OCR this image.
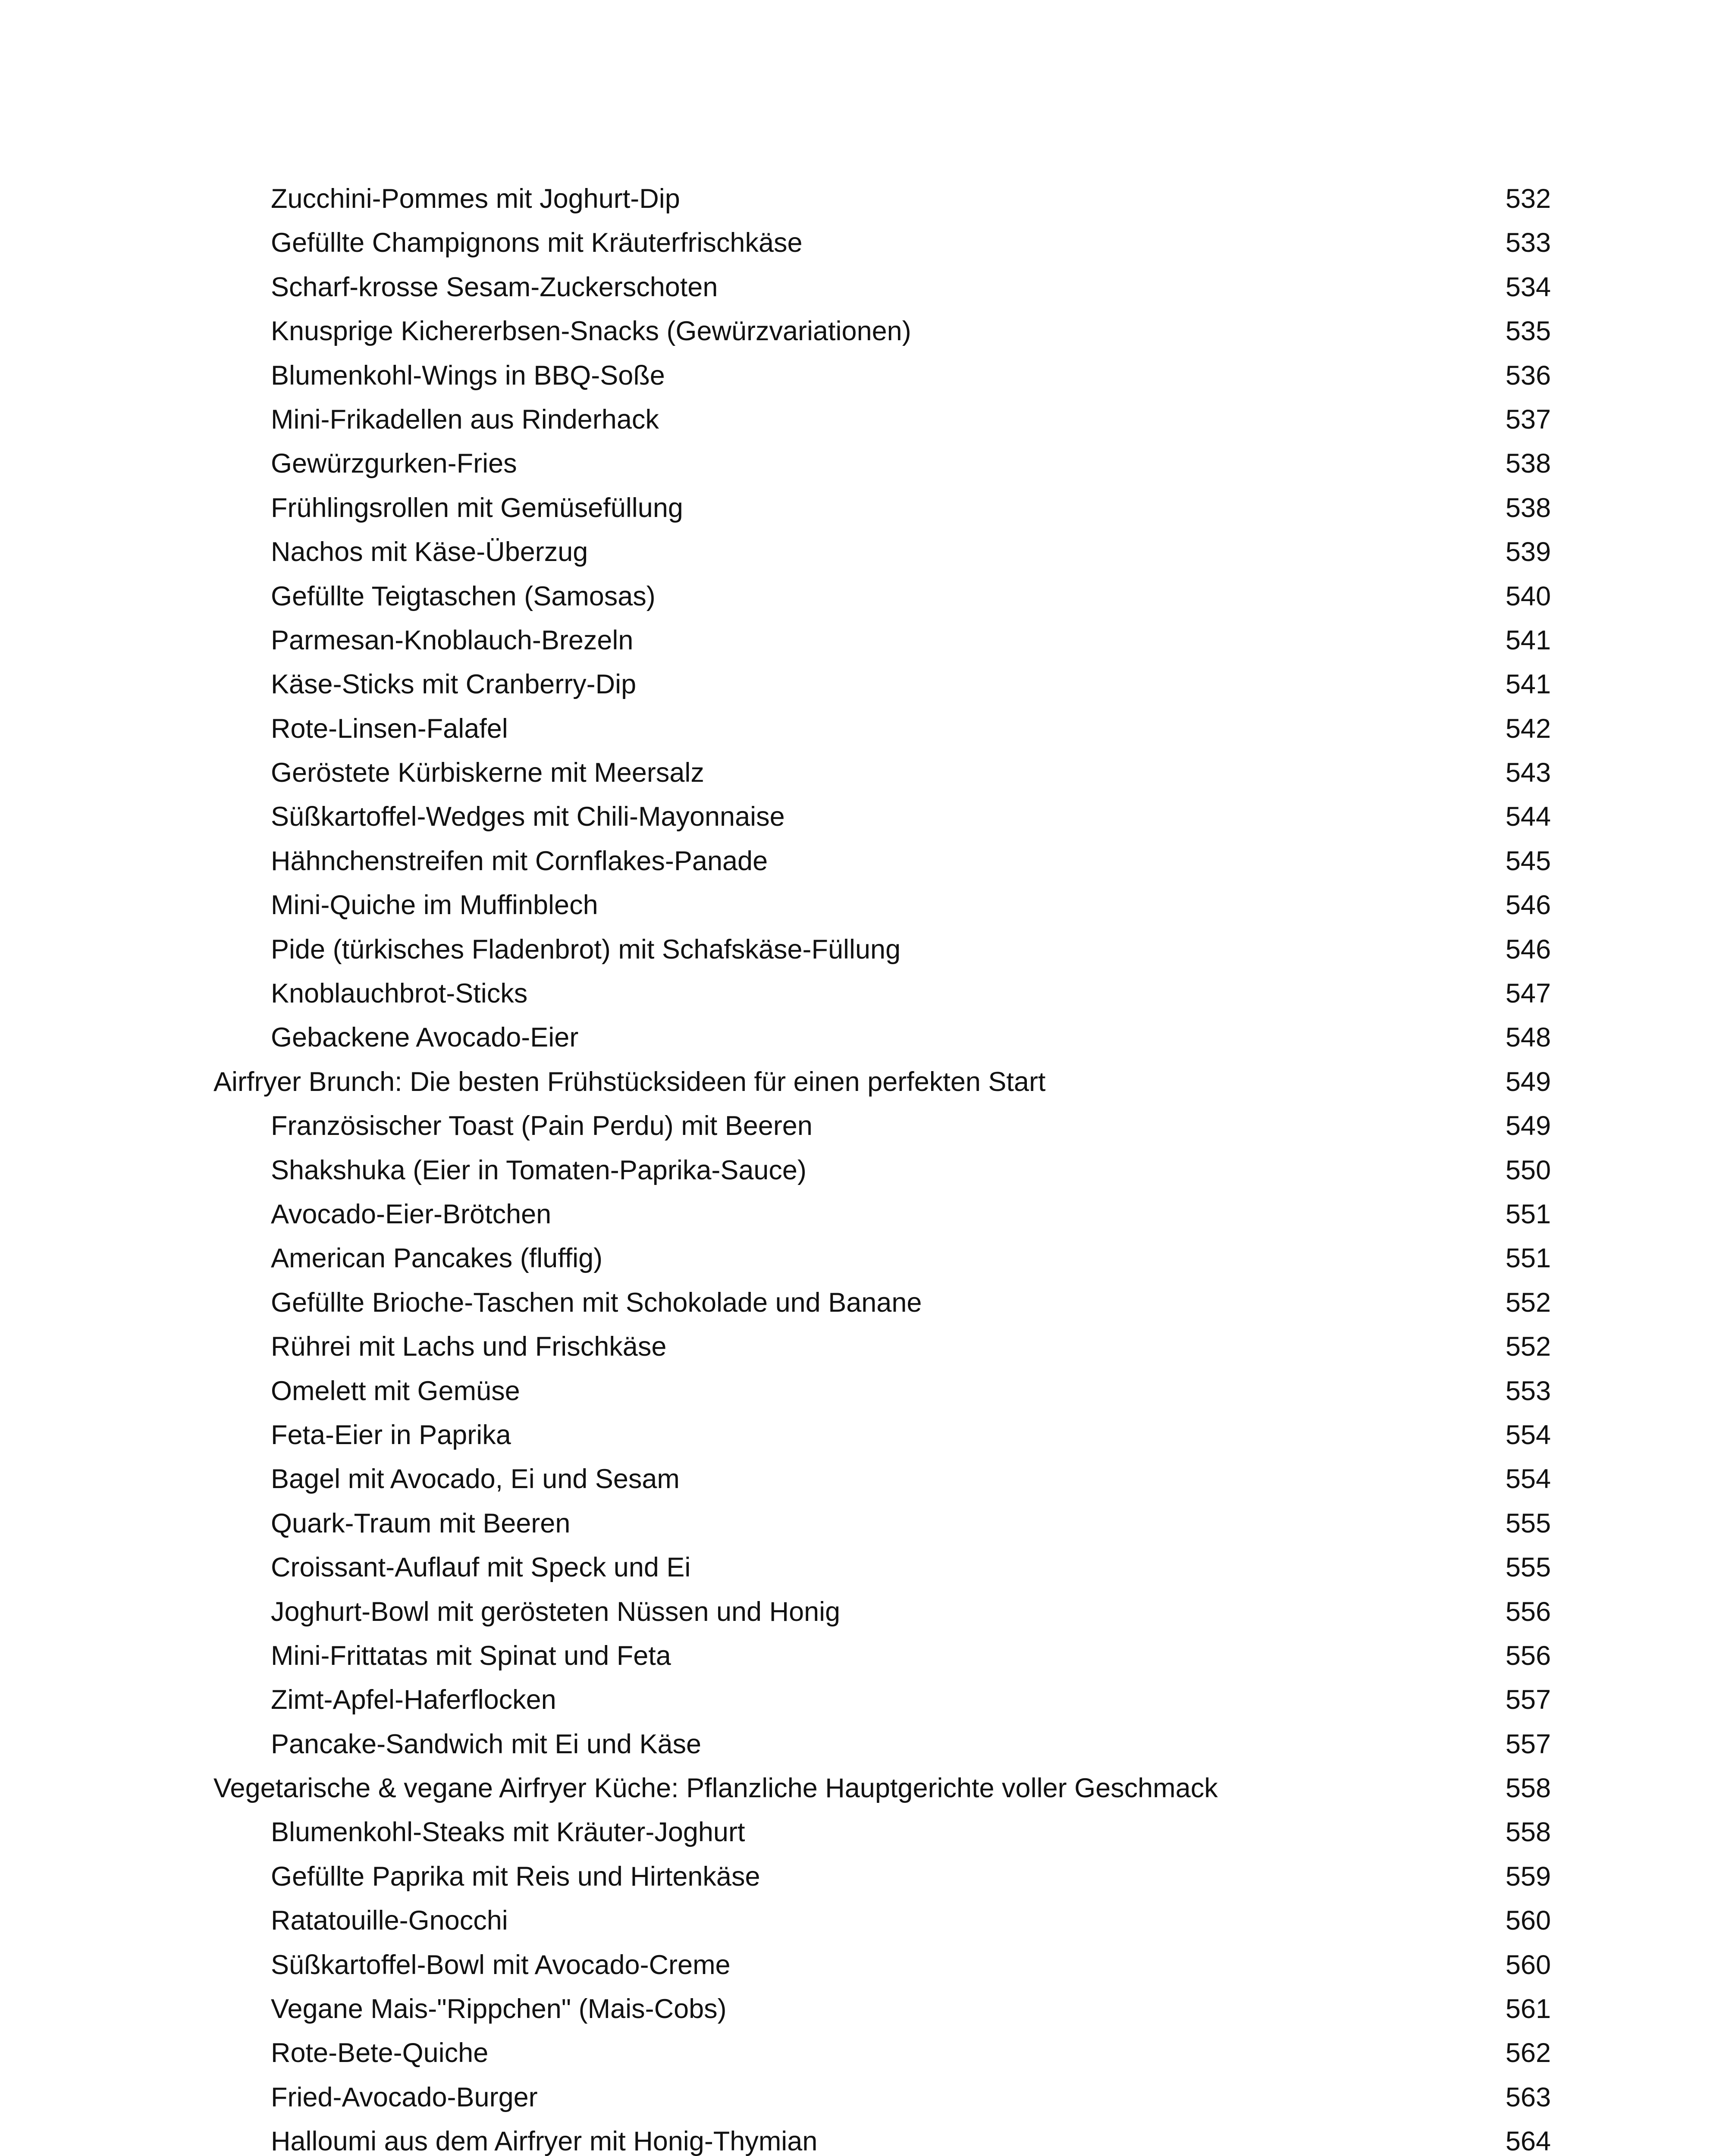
Zucchini-Pommes mit Joghurt-Dip	532
Gefüllte Champignons mit Kräuterfrischkäse	533
Scharf-krosse Sesam-Zuckerschoten	534
Knusprige Kichererbsen-Snacks (Gewürzvariationen)	535
Blumenkohl-Wings in BBQ-Soße	536
Mini-Frikadellen aus Rinderhack	537
Gewürzgurken-Fries	538
Frühlingsrollen mit Gemüsefüllung	538
Nachos mit Käse-Überzug	539
Gefüllte Teigtaschen (Samosas)	540
Parmesan-Knoblauch-Brezeln	541
Käse-Sticks mit Cranberry-Dip	541
Rote-Linsen-Falafel	542
Geröstete Kürbiskerne mit Meersalz	543
Süßkartoffel-Wedges mit Chili-Mayonnaise	544
Hähnchenstreifen mit Cornflakes-Panade	545
Mini-Quiche im Muffinblech	546
Pide (türkisches Fladenbrot) mit Schafskäse-Füllung	546
Knoblauchbrot-Sticks	547
Gebackene Avocado-Eier	548
Airfryer Brunch: Die besten Frühstücksideen für einen perfekten Start	549
Französischer Toast (Pain Perdu) mit Beeren	549
Shakshuka (Eier in Tomaten-Paprika-Sauce)	550
Avocado-Eier-Brötchen	551
American Pancakes (fluffig)	551
Gefüllte Brioche-Taschen mit Schokolade und Banane	552
Rührei mit Lachs und Frischkäse	552
Omelett mit Gemüse	553
Feta-Eier in Paprika	554
Bagel mit Avocado, Ei und Sesam	554
Quark-Traum mit Beeren	555
Croissant-Auflauf mit Speck und Ei	555
Joghurt-Bowl mit gerösteten Nüssen und Honig	556
Mini-Frittatas mit Spinat und Feta	556
Zimt-Apfel-Haferflocken	557
Pancake-Sandwich mit Ei und Käse	557
Vegetarische & vegane Airfryer Küche: Pflanzliche Hauptgerichte voller Geschmack	558
Blumenkohl-Steaks mit Kräuter-Joghurt	558
Gefüllte Paprika mit Reis und Hirtenkäse	559
Ratatouille-Gnocchi	560
Süßkartoffel-Bowl mit Avocado-Creme	560
Vegane Mais-"Rippchen" (Mais-Cobs)	561
Rote-Bete-Quiche	562
Fried-Avocado-Burger	563
Halloumi aus dem Airfryer mit Honig-Thymian	564
